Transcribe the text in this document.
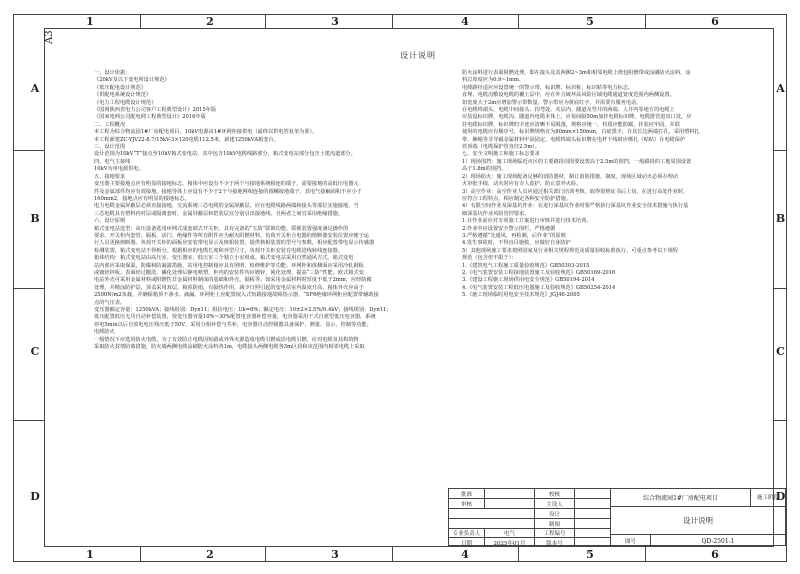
1	2	3	4	5	6
1	2	3	4	5	6
A
B
C
D
A
B
C
D
A3
设计说明

一、设计依据：

《20kV及以下变电所设计规范》

《低压配电设计规范》

《供配电系统设计规范》

《电力工程电缆设计规范》

《国网陕西省电力公司客户工程典型设计》2015年版

《国家电网公司配电网工程典型设计》2016年版

二、工程概况

本工程为综合物流园1#厂房配电项目，10kV电源由1#环网柜接供电（最终以供电答复单为准）。

本工程新建ZC-YJV22-8.7/15kV-3×120电缆112.5米，新建1250kVA箱变台。

三、设计范围

设计范围为10kV“T”接点至10kV箱式变电站，其中包含10kV电缆线路部分，箱式变电站部分包含土建沟道部分。

四、电气主接线

10kV为单电源供电。

五、接地要求

变压器主要接地点应有明显的接地标志，箱体中应设有不少于两个与接地系统相连的端子，需要接地的高低压电器元

件及金属部件均应有效接地。接地导体上应设有不少于2个与接地网相连接的圆螺接地端子，其电气接触面积不应小于

160mm2，接地点应有明显的接地标志。

电力电缆金属屏蔽层必须直接接地，交流系统三芯电缆的金属屏蔽层，应在电缆线路两端和接头等部位实施接地。当

三芯电缆具有塑料内衬层或隔离套时，金属屏蔽层和铠装层宜分别引出接地线，且两者之间宜采用绝缘措施。

六、设计原则

箱式变电站选型：高压设备选用环网式成套端式开关柜，具有完备的“五防”联锁功能，联锁装置强度满足操作的

要求。开关柜内套管、隔板、活门、绝缘件等所有附件应为耐火阻燃材料。负荷开关柜合电器的熔断器安装位置应便于运

行人员更换熔断器。负荷开关柜的面板应安装带电显示及核相装置，提供核相装置的型号与参数，相应配置带电显示传感器

检测装置，箱式变电站不得拆分。根据相应的电缆长度和外型尺寸，负荷开关柜安装有电缆进线转线连接器。

箱体结构：箱式变电站由高压室、变压器室、低压室三个独立小室组成。箱式变电站采用自然通风方式。箱式变电

站内部应采取保温、防爆和防凝露措施。站用电控制箱应具有照明、检修维护等功能。环网柜和体侧面应采用冷轧钢板

或镀铝锌板。表面经过酸洗、磷化处理后静电喷塑，柜内的安装件均应镀锌、钝化处理，提高“三防”性能。欧式箱式变

电站外壳可采用金属材料或阻燃性非金属材料制成的基础和外壳，隔板等。如采用金属材料时厚度不低于2mm，应经防腐

处理，并精涂防护层，顶盖采用双层，箱顶防雨，有隔热作用，减少日照引起的变电站室内温度升高。箱体外壳应高于

2500N/m2负载，并确保箱顶不渗水。滴漏。环网柜上应配置嵌入式短路接地故障指示器，“SF6绝缘环网柜应配置带辅助接

点的气压表。

变压器额定容量：1250kVA；接线组别：Dyn11；阻抗电压：Uk=6%；额定电压：10±2×2.5%/0.4kV；接线组别：Dyn11；

低压配置低压无功自动补偿装置，按变压器容量10%~30%配置电容器补偿容量，电容器采用干式自愈型低压电容器，系统

停电5min以后自放电电压残压低于50V，采用分相补偿与共补，电容器自动控制器具备保护、测量、显示、控制等功能。

电缆防火

一般情况下应选用防火电缆，为了有效防止电缆因短路或外界火源造成电缆引燃或沿电缆引燃，应对电缆及其构筑物

采取防火封堵防离措施，防火墙两侧电缆涂刷防火涂料各1m，电缆接头两侧电缆各3m区段和该范围内相邻电缆上采取

防火涂料进行表面阻燃处理，即在接头及其两侧2~3m和相邻电缆上绕包阻燃带或涂刷防火涂料，涂

料总厚度应为0.9~1mm。

电缆路径适应应设置统一的警示带、标识牌、标识桩、标识贴等电力标志。

直埋、电缆沟敷设电缆的覆土层中，应在外力破坏高风险区域电缆通道宽度范围内两侧设置，

如宽度大于2m应增加警示带数量。警示带应为黄底红字，并需要有服务电话。

在电缆终端头、电缆中间接头、拐弯处、夹层内、隧道及竖井的两端、人井内等地方的电缆上

应装设标识牌。电缆沟、隧道内电缆本体上，应每间隔50m加挂电缆标识牌。电缆排管进出口处，应

挂电缆标识牌。标识牌的字迹应清晰不易脱落，规格应统一，材质应能防腐，挂装应牢固，并联

使用的电缆应有顺序号，标识牌规格宜为80mm×150mm，白底黑字，在其长边两端打孔，采用塑料扎

带、捆绳等非导磁金属材料牢固固定。电缆终端头标识牌在电杆下线时应绑扎（贴贴）在电缆保护

管顶端（电缆保护管直径2.5m）。

七、安全文明施工和施工标志要求

1）现场围挡：施工现场临近市区的主要路段周围要设置高于2.5m的围挡，一般路段的工地周围设置

高于1.8m的围挡。

2）现场防火：施工现场配备足够的消防器材，制订消防措施，制度，现场区域动火必须办理动

火审批手续，动火时应有专人监护，防止意外火险。

3）高空作业：高空作业人员应通过相关部门培训考核，取得资格证书后上岗，在进行高处作业时，

应符合工程特点，相应制定各种安全防护措施。

4）有限空间作业及深基坑作业：在进行深基坑作业时要严格执行深基坑作业安全技术措施与执行基

础深基坑作业风险管控要求。

1.在作业前应对专项施工方案进行审核并进行技术培训。

2.作业中应设置安全警示围栏，严格遵循

3.严格遵循“先通风，再检测，后作业”的原则

4.发生事故时，不得盲目施救，应做好自身防护

5）其他现场施工要求按照国家及行业相关规程规范及质量验收标准执行，可重点参考以下规程

规范（包含但不限于）：

1.《建筑电气工程施工质量验收规范》GB50303-2015

2.《电气装置安装工程接地装置施工及验收规范》GB50169-2016

3.《建设工程施工现场供用电安全规范》GB50194-2014

4.《电气装置安装工程低压电器施工及验收规范》GB50254-2014

5.《施工现场临时用电安全技术规范》JGJ46-2005

批准	校核
审核	主设人
设计
制图
专业负责人	电气	工程编号
日期	2025年01月	版本号
综合物流园1#厂房配电项目	施工阶段
设计说明
图号	QD-2501-1
